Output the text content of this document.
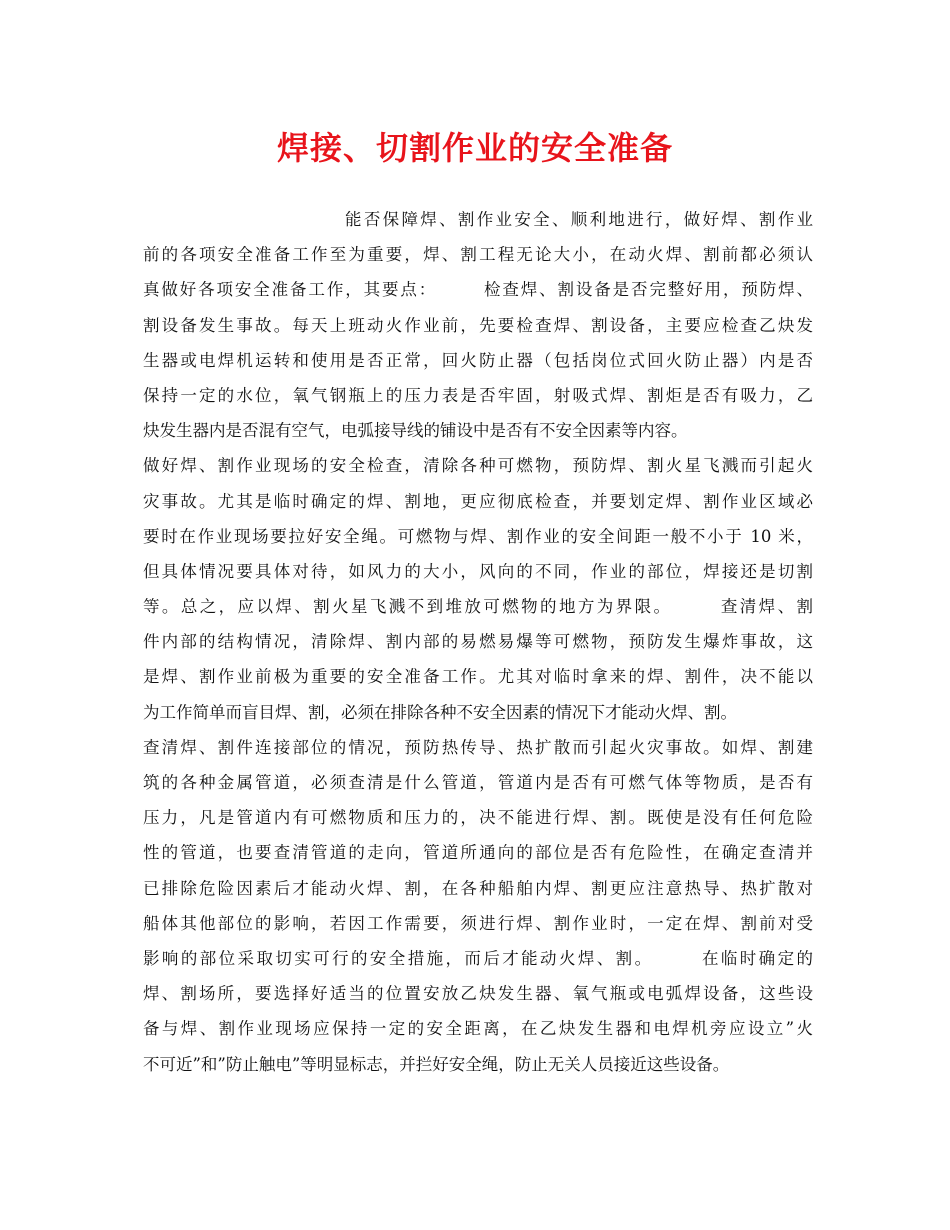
焊接、切割作业的安全准备
能否保障焊、割作业安全、顺利地进行，做好焊、割作业
前的各项安全准备工作至为重要，焊、割工程无论大小，在动火焊、割前都必须认
真做好各项安全准备工作，其要点：　　　检查焊、割设备是否完整好用，预防焊、
割设备发生事故。每天上班动火作业前，先要检查焊、割设备，主要应检查乙炔发
生器或电焊机运转和使用是否正常，回火防止器（包括岗位式回火防止器）内是否
保持一定的水位，氧气钢瓶上的压力表是否牢固，射吸式焊、割炬是否有吸力，乙
炔发生器内是否混有空气，电弧接导线的铺设中是否有不安全因素等内容。
做好焊、割作业现场的安全检查，清除各种可燃物，预防焊、割火星飞溅而引起火
灾事故。尤其是临时确定的焊、割地，更应彻底检查，并要划定焊、割作业区域必
要时在作业现场要拉好安全绳。可燃物与焊、割作业的安全间距一般不小于 10 米，
但具体情况要具体对待，如风力的大小，风向的不同，作业的部位，焊接还是切割
等。总之，应以焊、割火星飞溅不到堆放可燃物的地方为界限。　　　查清焊、割
件内部的结构情况，清除焊、割内部的易燃易爆等可燃物，预防发生爆炸事故，这
是焊、割作业前极为重要的安全准备工作。尤其对临时拿来的焊、割件，决不能以
为工作简单而盲目焊、割，必须在排除各种不安全因素的情况下才能动火焊、割。
查清焊、割件连接部位的情况，预防热传导、热扩散而引起火灾事故。如焊、割建
筑的各种金属管道，必须查清是什么管道，管道内是否有可燃气体等物质，是否有
压力，凡是管道内有可燃物质和压力的，决不能进行焊、割。既使是没有任何危险
性的管道，也要查清管道的走向，管道所通向的部位是否有危险性，在确定查清并
已排除危险因素后才能动火焊、割，在各种船舶内焊、割更应注意热导、热扩散对
船体其他部位的影响，若因工作需要，须进行焊、割作业时，一定在焊、割前对受
影响的部位采取切实可行的安全措施，而后才能动火焊、割。　　　在临时确定的
焊、割场所，要选择好适当的位置安放乙炔发生器、氧气瓶或电弧焊设备，这些设
备与焊、割作业现场应保持一定的安全距离，在乙炔发生器和电焊机旁应设立”火
不可近”和”防止触电”等明显标志，并拦好安全绳，防止无关人员接近这些设备。
